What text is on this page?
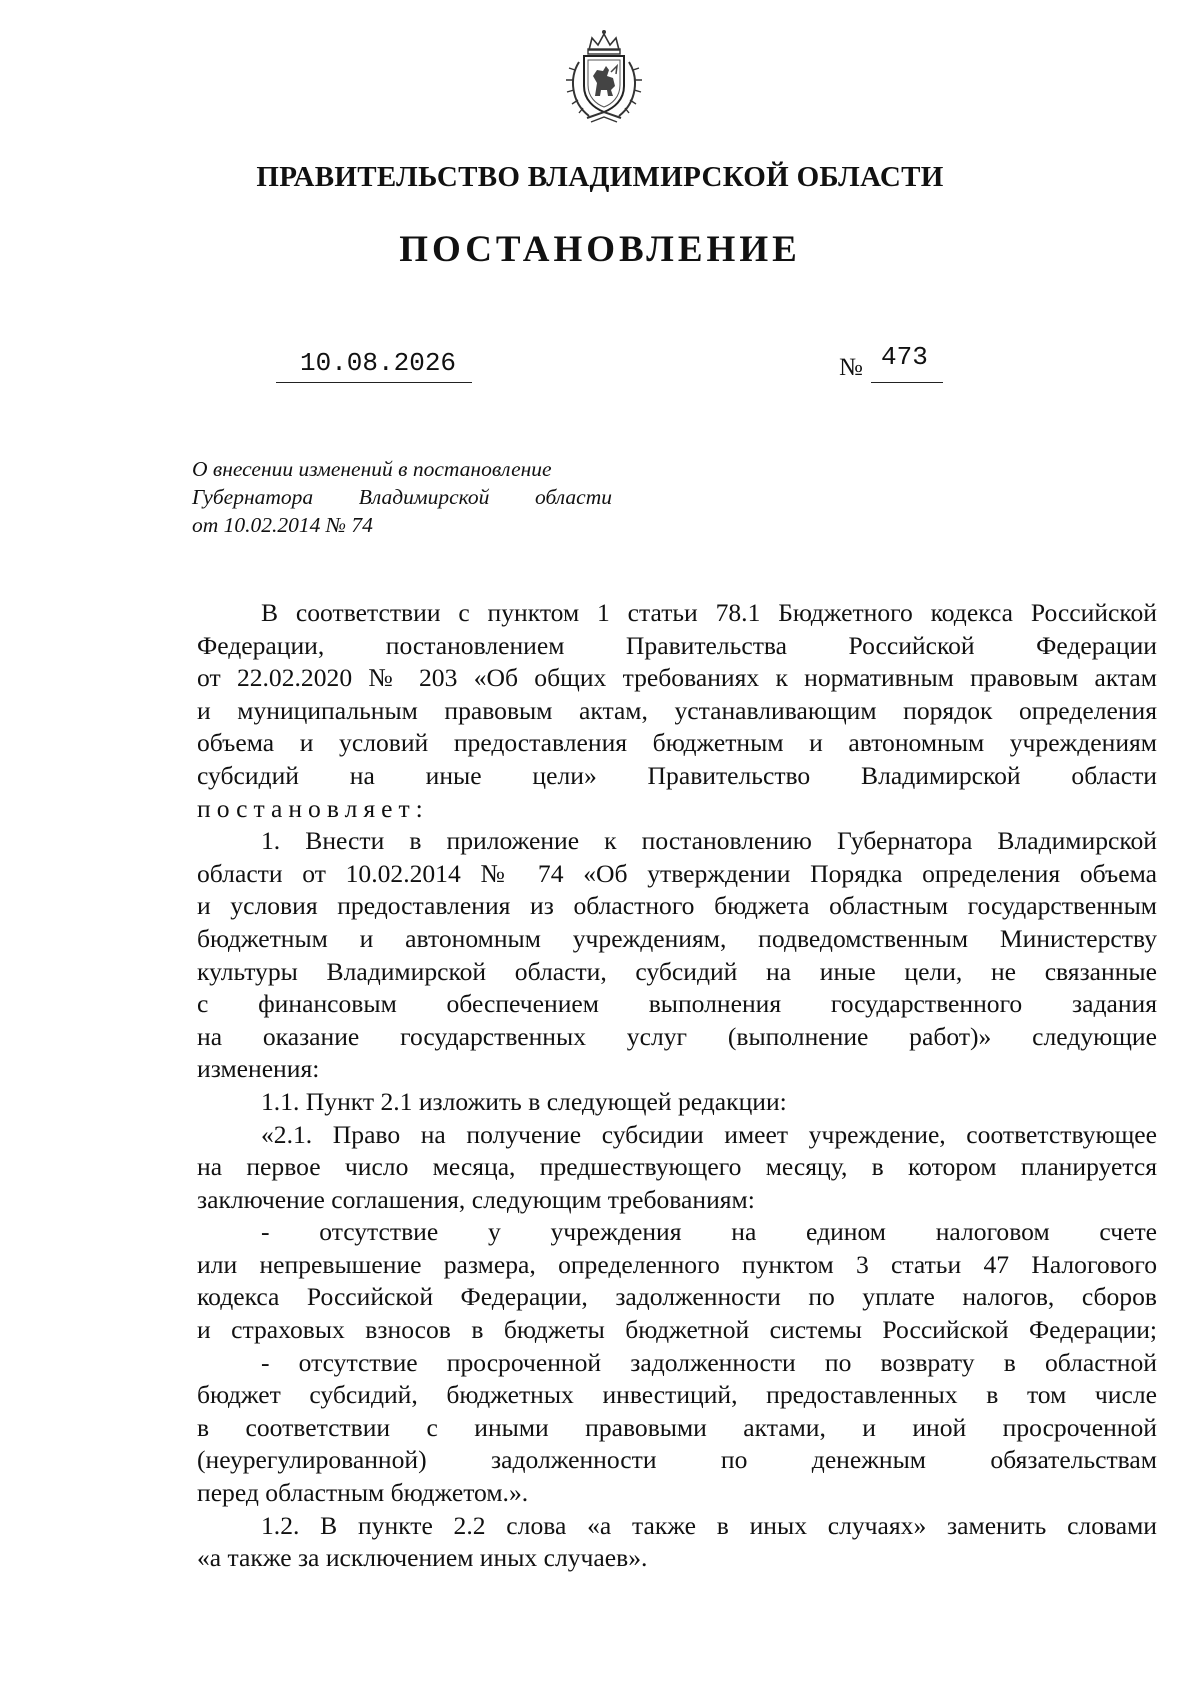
ПРАВИТЕЛЬСТВО ВЛАДИМИРСКОЙ ОБЛАСТИ
ПОСТАНОВЛЕНИЕ
10.08.2026	№ 473
О внесении изменений в постановление
Губернатора Владимирской области
от 10.02.2014 № 74
В соответствии с пунктом 1 статьи 78.1 Бюджетного кодекса Российской
Федерации, постановлением Правительства Российской Федерации
от 22.02.2020 № 203 «Об общих требованиях к нормативным правовым актам
и муниципальным правовым актам, устанавливающим порядок определения
объема и условий предоставления бюджетным и автономным учреждениям
субсидий на иные цели» Правительство Владимирской области
постановляет:
1. Внести в приложение к постановлению Губернатора Владимирской
области от 10.02.2014 № 74 «Об утверждении Порядка определения объема
и условия предоставления из областного бюджета областным государственным
бюджетным и автономным учреждениям, подведомственным Министерству
культуры Владимирской области, субсидий на иные цели, не связанные
с финансовым обеспечением выполнения государственного задания
на оказание государственных услуг (выполнение работ)» следующие
изменения:
1.1. Пункт 2.1 изложить в следующей редакции:
«2.1. Право на получение субсидии имеет учреждение, соответствующее
на первое число месяца, предшествующего месяцу, в котором планируется
заключение соглашения, следующим требованиям:
- отсутствие у учреждения на едином налоговом счете
или непревышение размера, определенного пунктом 3 статьи 47 Налогового
кодекса Российской Федерации, задолженности по уплате налогов, сборов
и страховых взносов в бюджеты бюджетной системы Российской Федерации;
- отсутствие просроченной задолженности по возврату в областной
бюджет субсидий, бюджетных инвестиций, предоставленных в том числе
в соответствии с иными правовыми актами, и иной просроченной
(неурегулированной) задолженности по денежным обязательствам
перед областным бюджетом.».
1.2. В пункте 2.2 слова «а также в иных случаях» заменить словами
«а также за исключением иных случаев».
